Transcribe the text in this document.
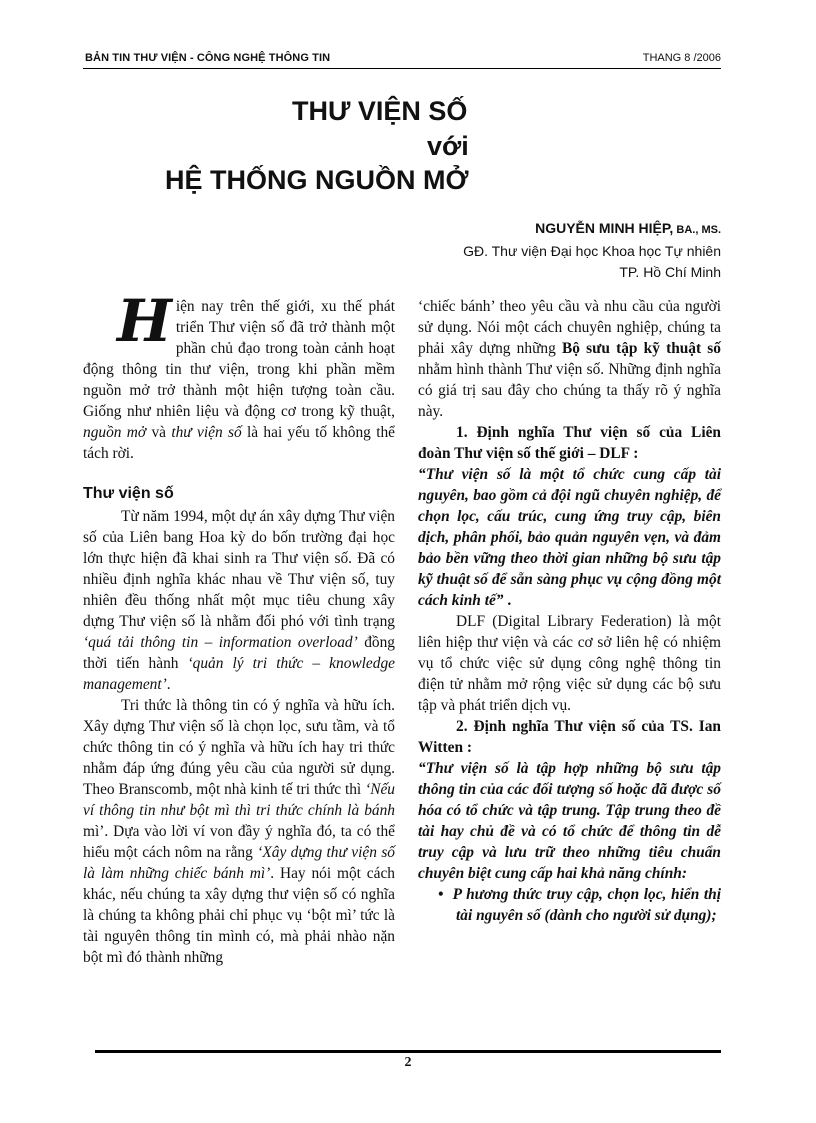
BẢN TIN THƯ VIỆN - CÔNG NGHỆ THÔNG TIN	THANG 8 /2006
THƯ VIỆN SỐ
với
HỆ THỐNG NGUỒN MỞ
NGUYỄN MINH HIỆP, BA., MS.
GĐ. Thư viện Đại học Khoa học Tự nhiên
TP. Hồ Chí Minh

Hiện nay trên thế giới, xu thế phát triển Thư viện số đã trở thành một phần chủ đạo trong toàn cảnh hoạt động thông tin thư viện, trong khi phần mềm nguồn mở trở thành một hiện tượng toàn cầu. Giống như nhiên liệu và động cơ trong kỹ thuật, nguồn mở và thư viện số là hai yếu tố không thể tách rời.

Thư viện số

Từ năm 1994, một dự án xây dựng Thư viện số của Liên bang Hoa kỳ do bốn trường đại học lớn thực hiện đã khai sinh ra Thư viện số. Đã có nhiều định nghĩa khác nhau về Thư viện số, tuy nhiên đều thống nhất một mục tiêu chung xây dựng Thư viện số là nhằm đối phó với tình trạng ‘quá tải thông tin – information overload’ đồng thời tiến hành ‘quản lý tri thức – knowledge management’.

Tri thức là thông tin có ý nghĩa và hữu ích. Xây dựng Thư viện số là chọn lọc, sưu tầm, và tổ chức thông tin có ý nghĩa và hữu ích hay tri thức nhằm đáp ứng đúng yêu cầu của người sử dụng. Theo Branscomb, một nhà kinh tế tri thức thì ‘Nếu ví thông tin như bột mì thì tri thức chính là bánh mì’. Dựa vào lời ví von đầy ý nghĩa đó, ta có thể hiểu một cách nôm na rằng ‘Xây dựng thư viện số là làm những chiếc bánh mì’. Hay nói một cách khác, nếu chúng ta xây dựng thư viện số có nghĩa là chúng ta không phải chỉ phục vụ ‘bột mì’ tức là tài nguyên thông tin mình có, mà phải nhào nặn bột mì đó thành những

‘chiếc bánh’ theo yêu cầu và nhu cầu của người sử dụng. Nói một cách chuyên nghiệp, chúng ta phải xây dựng những Bộ sưu tập kỹ thuật số nhằm hình thành Thư viện số. Những định nghĩa có giá trị sau đây cho chúng ta thấy rõ ý nghĩa này.

1. Định nghĩa Thư viện số của Liên đoàn Thư viện số thế giới – DLF :

“Thư viện số là một tổ chức cung cấp tài nguyên, bao gồm cả đội ngũ chuyên nghiệp, để chọn lọc, cấu trúc, cung ứng truy cập, biên dịch, phân phối, bảo quản nguyên vẹn, và đảm bảo bền vững theo thời gian những bộ sưu tập kỹ thuật số để sẵn sàng phục vụ cộng đồng một cách kinh tế” .

DLF (Digital Library Federation) là một liên hiệp thư viện và các cơ sở liên hệ có nhiệm vụ tổ chức việc sử dụng công nghệ thông tin điện tử nhằm mở rộng việc sử dụng các bộ sưu tập và phát triển dịch vụ.

2. Định nghĩa Thư viện số của TS. Ian Witten :

“Thư viện số là tập hợp những bộ sưu tập thông tin của các đối tượng số hoặc đã được số hóa có tổ chức và tập trung. Tập trung theo đề tài hay chủ đề và có tổ chức để thông tin dễ truy cập và lưu trữ theo những tiêu chuẩn chuyên biệt cung cấp hai khả năng chính:

• P hương thức truy cập, chọn lọc, hiển thị tài nguyên số (dành cho người sử dụng);

2
